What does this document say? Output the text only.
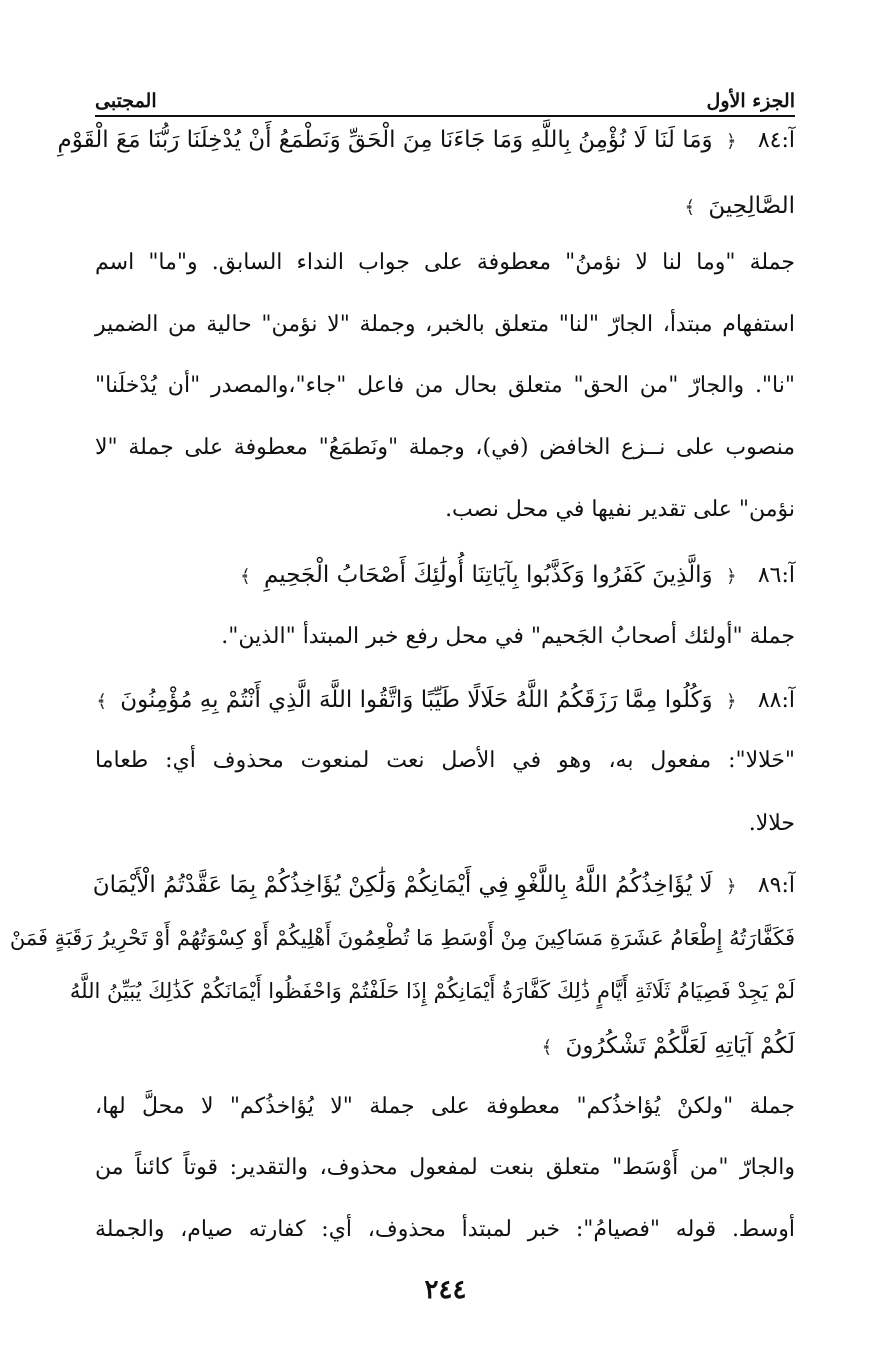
الجزء الأول
المجتبى
آ:٨٤ ﴿ وَمَا لَنَا لَا نُؤْمِنُ بِاللَّهِ وَمَا جَاءَنَا مِنَ الْحَقِّ وَنَطْمَعُ أَنْ يُدْخِلَنَا رَبُّنَا مَعَ الْقَوْمِ
الصَّالِحِينَ ﴾
جملة "وما لنا لا نؤمنُ" معطوفة على جواب النداء السابق. و"ما" اسم
استفهام مبتدأ، الجارّ "لنا" متعلق بالخبر، وجملة "لا نؤمن" حالية من الضمير
"نا". والجارّ "من الحق" متعلق بحال من فاعل "جاء"،والمصدر "أن يُدْخلَنا"
منصوب على نــزع الخافض (في)، وجملة "ونَطمَعُ" معطوفة على جملة "لا
نؤمن" على تقدير نفيها في محل نصب.
آ:٨٦ ﴿ وَالَّذِينَ كَفَرُوا وَكَذَّبُوا بِآيَاتِنَا أُولَٰئِكَ أَصْحَابُ الْجَحِيمِ ﴾
جملة "أولئك أصحابُ الجَحيم" في محل رفع خبر المبتدأ "الذين".
آ:٨٨ ﴿ وَكُلُوا مِمَّا رَزَقَكُمُ اللَّهُ حَلَالًا طَيِّبًا وَاتَّقُوا اللَّهَ الَّذِي أَنْتُمْ بِهِ مُؤْمِنُونَ ﴾
"حَلالا": مفعول به، وهو في الأصل نعت لمنعوت محذوف أي: طعاما
حلالا.
آ:٨٩ ﴿ لَا يُؤَاخِذُكُمُ اللَّهُ بِاللَّغْوِ فِي أَيْمَانِكُمْ وَلَٰكِنْ يُؤَاخِذُكُمْ بِمَا عَقَّدْتُمُ الْأَيْمَانَ
فَكَفَّارَتُهُ إِطْعَامُ عَشَرَةِ مَسَاكِينَ مِنْ أَوْسَطِ مَا تُطْعِمُونَ أَهْلِيكُمْ أَوْ كِسْوَتُهُمْ أَوْ تَحْرِيرُ رَقَبَةٍ فَمَنْ
لَمْ يَجِدْ فَصِيَامُ ثَلَاثَةِ أَيَّامٍ ذَٰلِكَ كَفَّارَةُ أَيْمَانِكُمْ إِذَا حَلَفْتُمْ وَاحْفَظُوا أَيْمَانَكُمْ كَذَٰلِكَ يُبَيِّنُ اللَّهُ
لَكُمْ آيَاتِهِ لَعَلَّكُمْ تَشْكُرُونَ ﴾
جملة "ولكنْ يُؤاخذُكم" معطوفة على جملة "لا يُؤاخذُكم" لا محلَّ لها،
والجارّ "من أَوْسَط" متعلق بنعت لمفعول محذوف، والتقدير: قوتاً كائناً من
أوسط. قوله "فصيامُ": خبر لمبتدأ محذوف، أي: كفارته صيام، والجملة
٢٤٤
